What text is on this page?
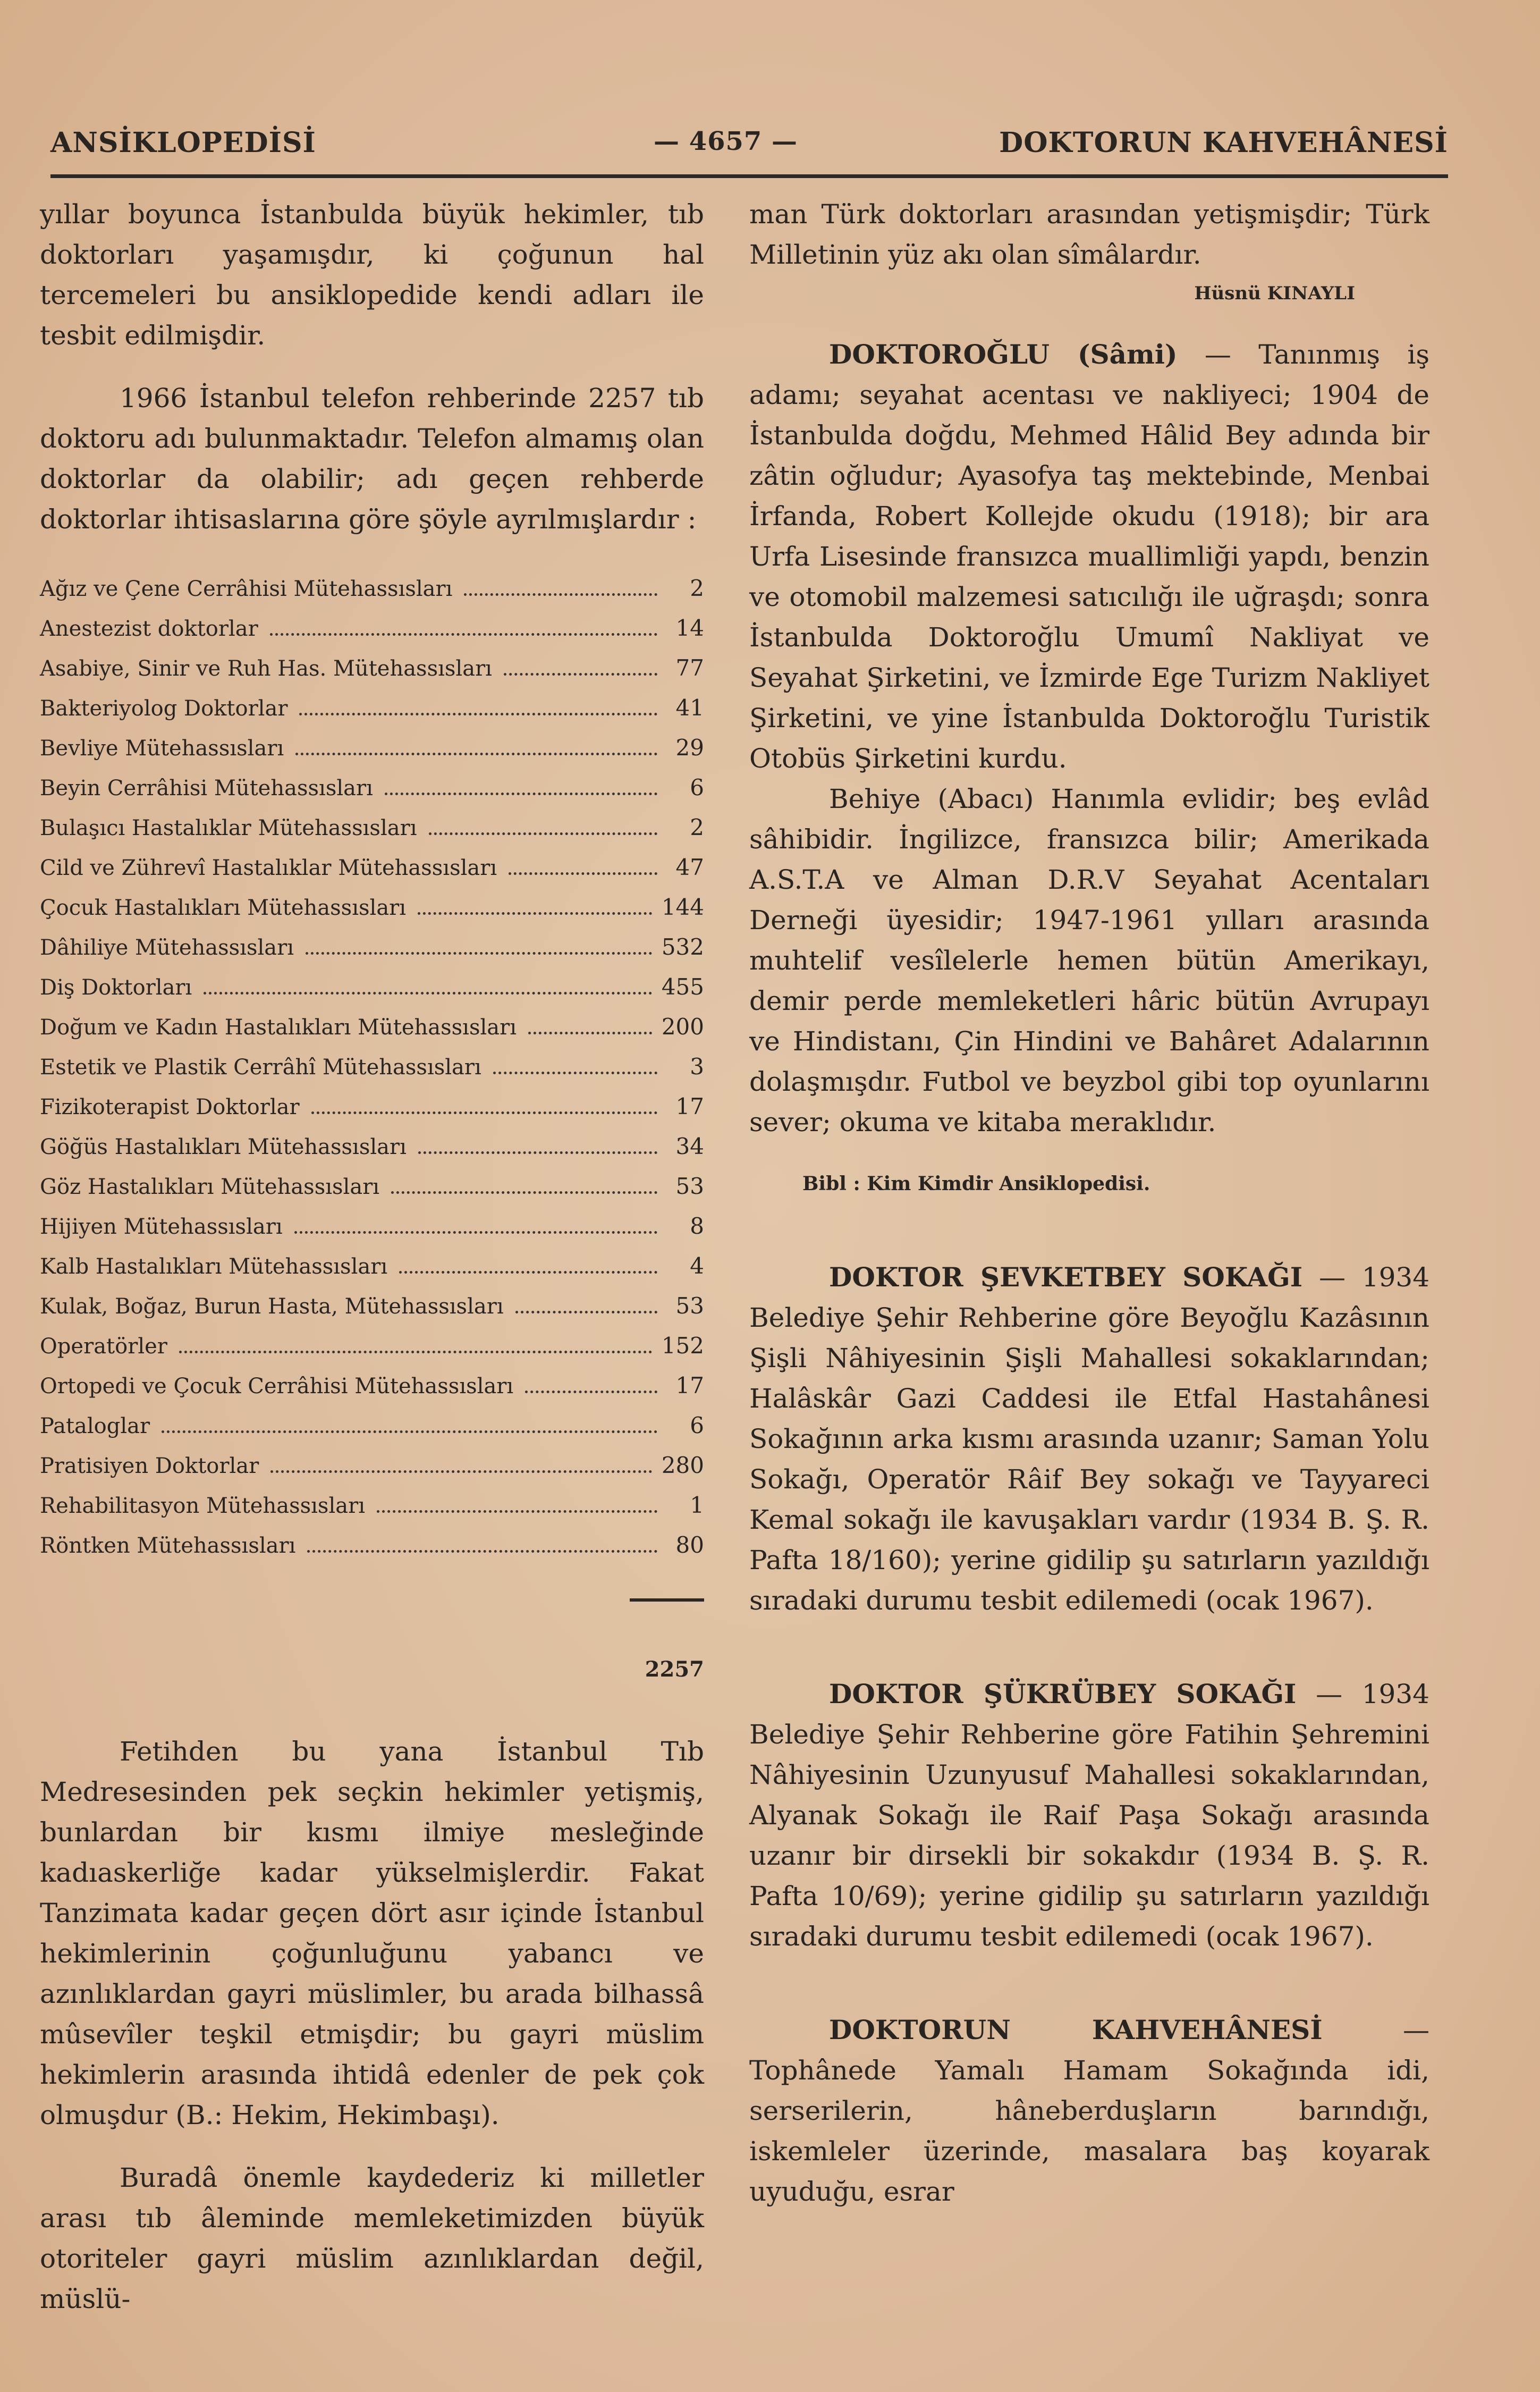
ANSİKLOPEDİSİ	— 4657 —	DOKTORUN KAHVEHÂNESİ

yıllar boyunca İstanbulda büyük hekimler, tıb doktorları yaşamışdır, ki çoğunun hal tercemeleri bu ansiklopedide kendi adları ile tesbit edilmişdir.

1966 İstanbul telefon rehberinde 2257 tıb doktoru adı bulunmaktadır. Telefon almamış olan doktorlar da olabilir; adı geçen rehberde doktorlar ihtisaslarına göre şöyle ayrılmışlardır :

Ağız ve Çene Cerrâhisi Mütehassısları	2
Anestezist doktorlar	14
Asabiye, Sinir ve Ruh Has. Mütehassısları	77
Bakteriyolog Doktorlar	41
Bevliye Mütehassısları	29
Beyin Cerrâhisi Mütehassısları	6
Bulaşıcı Hastalıklar Mütehassısları	2
Cild ve Zührevî Hastalıklar Mütehassısları	47
Çocuk Hastalıkları Mütehassısları	144
Dâhiliye Mütehassısları	532
Diş Doktorları	455
Doğum ve Kadın Hastalıkları Mütehassısları	200
Estetik ve Plastik Cerrâhî Mütehassısları	3
Fizikoterapist Doktorlar	17
Göğüs Hastalıkları Mütehassısları	34
Göz Hastalıkları Mütehassısları	53
Hijiyen Mütehassısları	8
Kalb Hastalıkları Mütehassısları	4
Kulak, Boğaz, Burun Hasta, Mütehassısları	53
Operatörler	152
Ortopedi ve Çocuk Cerrâhisi Mütehassısları	17
Pataloglar	6
Pratisiyen Doktorlar	280
Rehabilitasyon Mütehassısları	1
Röntken Mütehassısları	80
2257

Fetihden bu yana İstanbul Tıb Medresesinden pek seçkin hekimler yetişmiş, bunlardan bir kısmı ilmiye mesleğinde kadıaskerliğe kadar yükselmişlerdir. Fakat Tanzimata kadar geçen dört asır içinde İstanbul hekimlerinin çoğunluğunu yabancı ve azınlıklardan gayri müslimler, bu arada bilhassâ mûsevîler teşkil etmişdir; bu gayri müslim hekimlerin arasında ihtidâ edenler de pek çok olmuşdur (B.: Hekim, Hekimbaşı).

Buradâ önemle kaydederiz ki milletler arası tıb âleminde memleketimizden büyük otoriteler gayri müslim azınlıklardan değil, müslü-

man Türk doktorları arasından yetişmişdir; Türk Milletinin yüz akı olan sîmâlardır.

Hüsnü KINAYLI

DOKTOROĞLU (Sâmi) — Tanınmış iş adamı; seyahat acentası ve nakliyeci; 1904 de İstanbulda doğdu, Mehmed Hâlid Bey adında bir zâtin oğludur; Ayasofya taş mektebinde, Menbai İrfanda, Robert Kollejde okudu (1918); bir ara Urfa Lisesinde fransızca muallimliği yapdı, benzin ve otomobil malzemesi satıcılığı ile uğraşdı; sonra İstanbulda Doktoroğlu Umumî Nakliyat ve Seyahat Şirketini, ve İzmirde Ege Turizm Nakliyet Şirketini, ve yine İstanbulda Doktoroğlu Turistik Otobüs Şirketini kurdu.

Behiye (Abacı) Hanımla evlidir; beş evlâd sâhibidir. İngilizce, fransızca bilir; Amerikada A.S.T.A ve Alman D.R.V Seyahat Acentaları Derneği üyesidir; 1947-1961 yılları arasında muhtelif vesîlelerle hemen bütün Amerikayı, demir perde memleketleri hâric bütün Avrupayı ve Hindistanı, Çin Hindini ve Bahâret Adalarının dolaşmışdır. Futbol ve beyzbol gibi top oyunlarını sever; okuma ve kitaba meraklıdır.

Bibl : Kim Kimdir Ansiklopedisi.

DOKTOR ŞEVKETBEY SOKAĞI — 1934 Belediye Şehir Rehberine göre Beyoğlu Kazâsının Şişli Nâhiyesinin Şişli Mahallesi sokaklarından; Halâskâr Gazi Caddesi ile Etfal Hastahânesi Sokağının arka kısmı arasında uzanır; Saman Yolu Sokağı, Operatör Râif Bey sokağı ve Tayyareci Kemal sokağı ile kavuşakları vardır (1934 B. Ş. R. Pafta 18/160); yerine gidilip şu satırların yazıldığı sıradaki durumu tesbit edilemedi (ocak 1967).

DOKTOR ŞÜKRÜBEY SOKAĞI — 1934 Belediye Şehir Rehberine göre Fatihin Şehremini Nâhiyesinin Uzunyusuf Mahallesi sokaklarından, Alyanak Sokağı ile Raif Paşa Sokağı arasında uzanır bir dirsekli bir sokakdır (1934 B. Ş. R. Pafta 10/69); yerine gidilip şu satırların yazıldığı sıradaki durumu tesbit edilemedi (ocak 1967).

DOKTORUN KAHVEHÂNESİ	— Tophânede Yamalı Hamam Sokağında idi, serserilerin, hâneberduşların barındığı, iskemleler üzerinde, masalara baş koyarak uyuduğu, esrar
